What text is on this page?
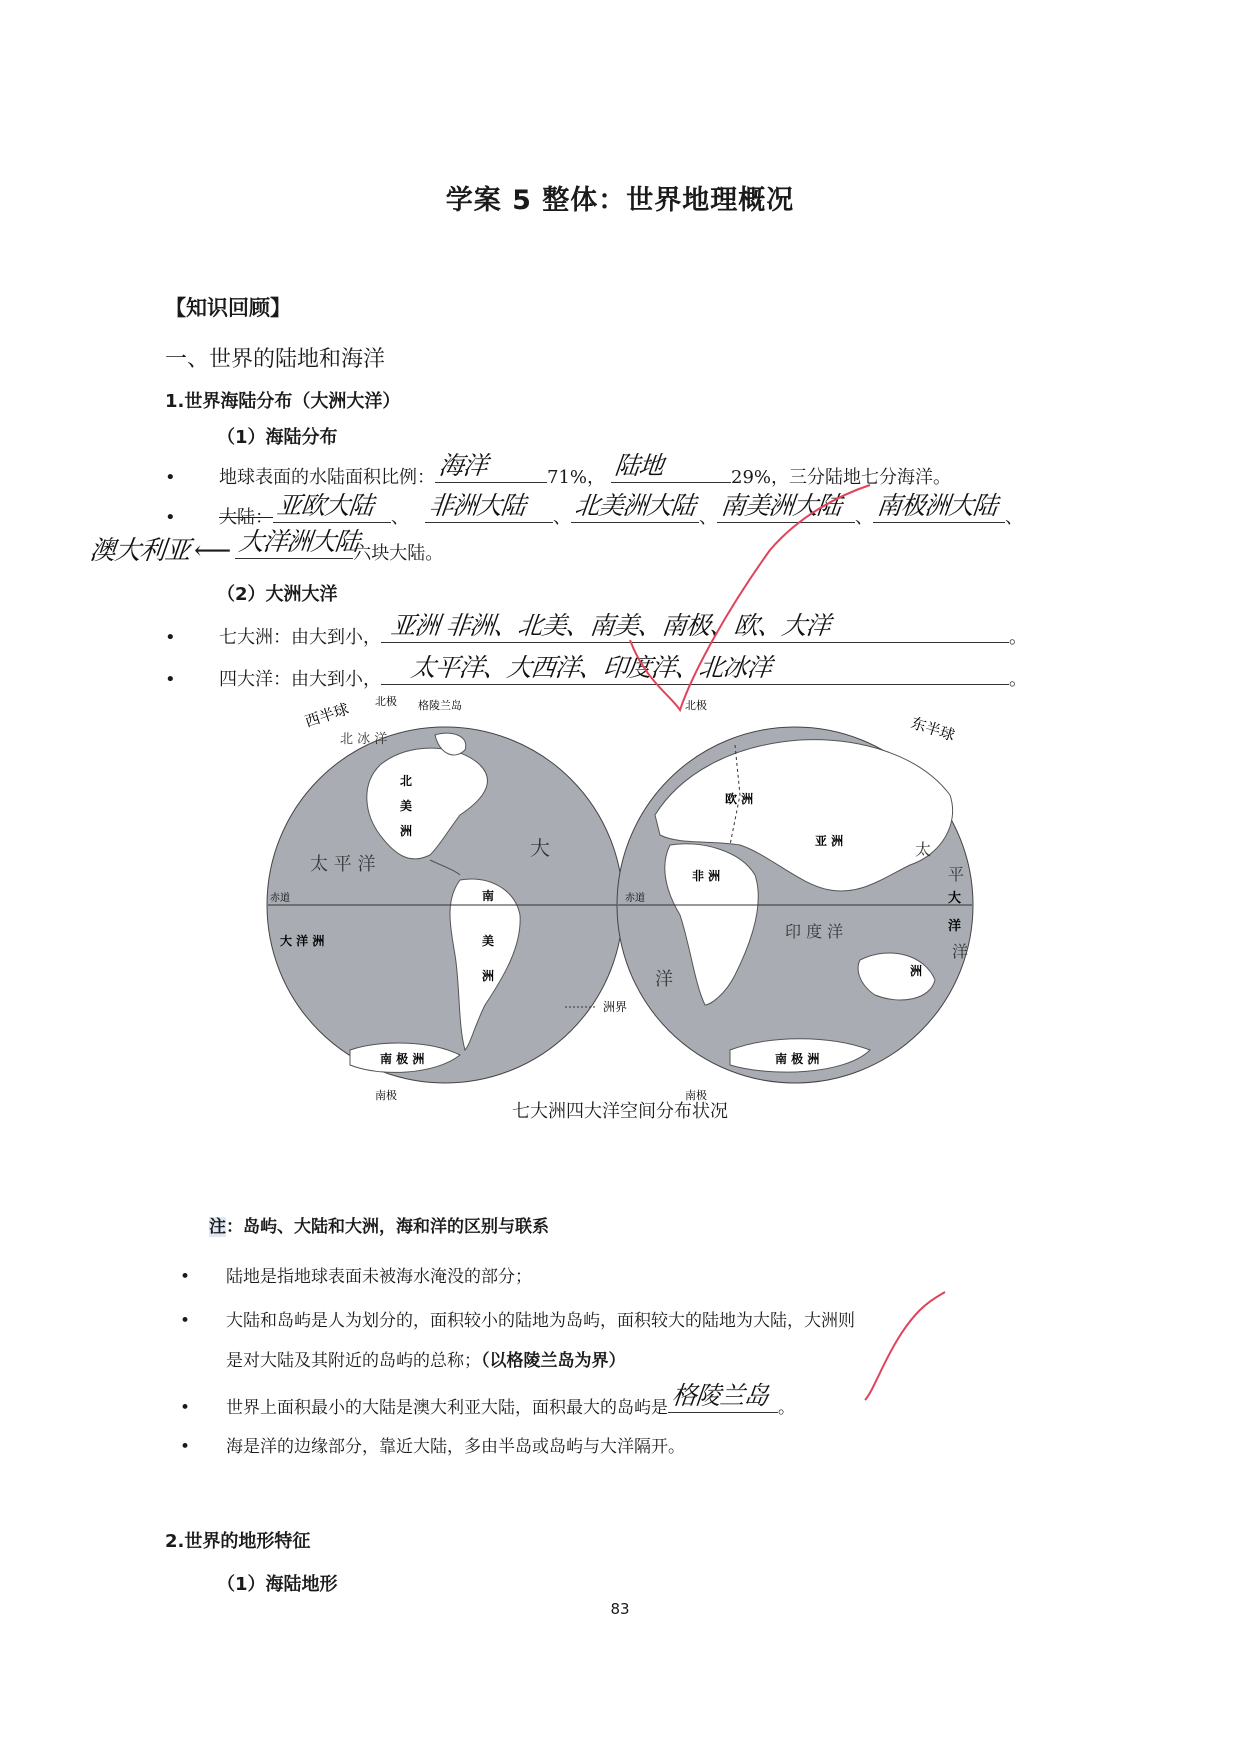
学案 5 整体：世界地理概况
【知识回顾】
一、世界的陆地和海洋
1.世界海陆分布（大洲大洋）
（1）海陆分布
• 地球表面的水陆面积比例： 海洋	71%， 陆地	29%，三分陆地七分海洋。
• 大陆： 亚欧大陆 、 非洲大陆 、 北美洲大陆 、 南美洲大陆 、 南极洲大陆 、
澳大利亚 ⟵ 大洋洲大陆
六块大陆。
（2）大洲大洋
• 七大洲：由大到小， 亚洲 非洲、北美、南美、南极、欧、大洋	。
• 四大洋：由大到小， 太平洋、大西洋、印度洋、北冰洋	。
西半球	东半球
北极 格陵兰岛	北极
南极	南极
北 冰 洋
赤道	赤道
北
美
洲
南
美
洲
南 极 洲	南 极 洲
太 平 洋
大 洋 洲
大
洋
欧 洲
亚 洲
非 洲
洲
印 度 洋
太
平
大
洋
洋
洲界
七大洲四大洋空间分布状况
注：岛屿、大陆和大洲，海和洋的区别与联系
• 陆地是指地球表面未被海水淹没的部分；
• 大陆和岛屿是人为划分的，面积较小的陆地为岛屿，面积较大的陆地为大陆，大洲则
是对大陆及其附近的岛屿的总称；（以格陵兰岛为界）
• 世界上面积最小的大陆是澳大利亚大陆，面积最大的岛屿是 格陵兰岛 。
• 海是洋的边缘部分，靠近大陆，多由半岛或岛屿与大洋隔开。
2.世界的地形特征
（1）海陆地形
83
